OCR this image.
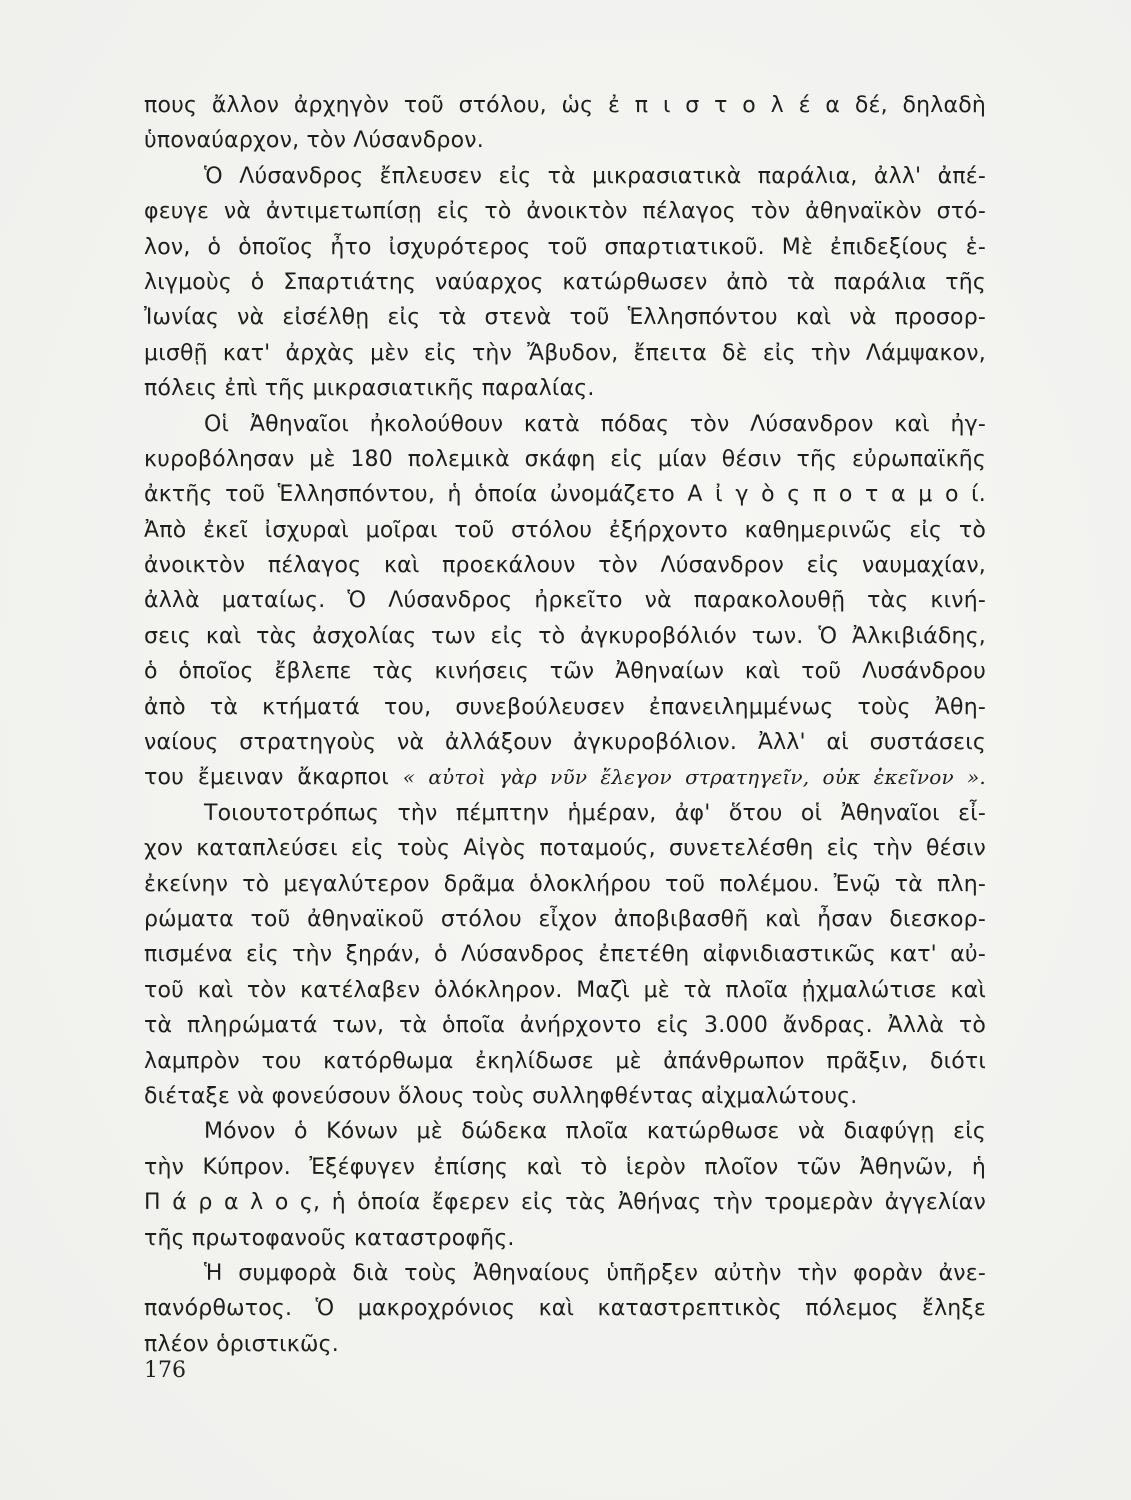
πους ἄλλον ἀρχηγὸν τοῦ στόλου, ὡς ἐ π ι σ τ ο λ έ α δέ, δηλαδὴ
ὑποναύαρχον, τὸν Λύσανδρον.
Ὁ Λύσανδρος ἔπλευσεν εἰς τὰ μικρασιατικὰ παράλια, ἀλλ' ἀπέ-
φευγε νὰ ἀντιμετωπίσῃ εἰς τὸ ἀνοικτὸν πέλαγος τὸν ἀθηναϊκὸν στό-
λον, ὁ ὁποῖος ἦτο ἰσχυρότερος τοῦ σπαρτιατικοῦ. Μὲ ἐπιδεξίους ἑ-
λιγμοὺς ὁ Σπαρτιάτης ναύαρχος κατώρθωσεν ἀπὸ τὰ παράλια τῆς
Ἰωνίας νὰ εἰσέλθῃ εἰς τὰ στενὰ τοῦ Ἑλλησπόντου καὶ νὰ προσορ-
μισθῇ κατ' ἀρχὰς μὲν εἰς τὴν Ἄβυδον, ἔπειτα δὲ εἰς τὴν Λάμψακον,
πόλεις ἐπὶ τῆς μικρασιατικῆς παραλίας.
Οἱ Ἀθηναῖοι ἠκολούθουν κατὰ πόδας τὸν Λύσανδρον καὶ ἠγ-
κυροβόλησαν μὲ 180 πολεμικὰ σκάφη εἰς μίαν θέσιν τῆς εὐρωπαϊκῆς
ἀκτῆς τοῦ Ἑλλησπόντου, ἡ ὁποία ὠνομάζετο Α ἰ γ ὸ ς π ο τ α μ ο ί.
Ἀπὸ ἐκεῖ ἰσχυραὶ μοῖραι τοῦ στόλου ἐξήρχοντο καθημερινῶς εἰς τὸ
ἀνοικτὸν πέλαγος καὶ προεκάλουν τὸν Λύσανδρον εἰς ναυμαχίαν,
ἀλλὰ ματαίως. Ὁ Λύσανδρος ἠρκεῖτο νὰ παρακολουθῇ τὰς κινή-
σεις καὶ τὰς ἀσχολίας των εἰς τὸ ἀγκυροβόλιόν των. Ὁ Ἀλκιβιάδης,
ὁ ὁποῖος ἔβλεπε τὰς κινήσεις τῶν Ἀθηναίων καὶ τοῦ Λυσάνδρου
ἀπὸ τὰ κτήματά του, συνεβούλευσεν ἐπανειλημμένως τοὺς Ἀθη-
ναίους στρατηγοὺς νὰ ἀλλάξουν ἀγκυροβόλιον. Ἀλλ' αἱ συστάσεις
του ἔμειναν ἄκαρποι « αὐτοὶ γὰρ νῦν ἔλεγον στρατηγεῖν, οὐκ ἐκεῖνον ».
Τοιουτοτρόπως τὴν πέμπτην ἡμέραν, ἀφ' ὅτου οἱ Ἀθηναῖοι εἶ-
χον καταπλεύσει εἰς τοὺς Αἰγὸς ποταμούς, συνετελέσθη εἰς τὴν θέσιν
ἐκείνην τὸ μεγαλύτερον δρᾶμα ὁλοκλήρου τοῦ πολέμου. Ἐνῷ τὰ πλη-
ρώματα τοῦ ἀθηναϊκοῦ στόλου εἶχον ἀποβιβασθῆ καὶ ἦσαν διεσκορ-
πισμένα εἰς τὴν ξηράν, ὁ Λύσανδρος ἐπετέθη αἰφνιδιαστικῶς κατ' αὐ-
τοῦ καὶ τὸν κατέλαβεν ὁλόκληρον. Μαζὶ μὲ τὰ πλοῖα ᾐχμαλώτισε καὶ
τὰ πληρώματά των, τὰ ὁποῖα ἀνήρχοντο εἰς 3.000 ἄνδρας. Ἀλλὰ τὸ
λαμπρὸν του κατόρθωμα ἐκηλίδωσε μὲ ἀπάνθρωπον πρᾶξιν, διότι
διέταξε νὰ φονεύσουν ὅλους τοὺς συλληφθέντας αἰχμαλώτους.
Μόνον ὁ Κόνων μὲ δώδεκα πλοῖα κατώρθωσε νὰ διαφύγῃ εἰς
τὴν Κύπρον. Ἐξέφυγεν ἐπίσης καὶ τὸ ἱερὸν πλοῖον τῶν Ἀθηνῶν, ἡ
Π ά ρ α λ ο ς, ἡ ὁποία ἔφερεν εἰς τὰς Ἀθήνας τὴν τρομερὰν ἀγγελίαν
τῆς πρωτοφανοῦς καταστροφῆς.
Ἡ συμφορὰ διὰ τοὺς Ἀθηναίους ὑπῆρξεν αὐτὴν τὴν φορὰν ἀνε-
πανόρθωτος. Ὁ μακροχρόνιος καὶ καταστρεπτικὸς πόλεμος ἔληξε
πλέον ὁριστικῶς.
176
